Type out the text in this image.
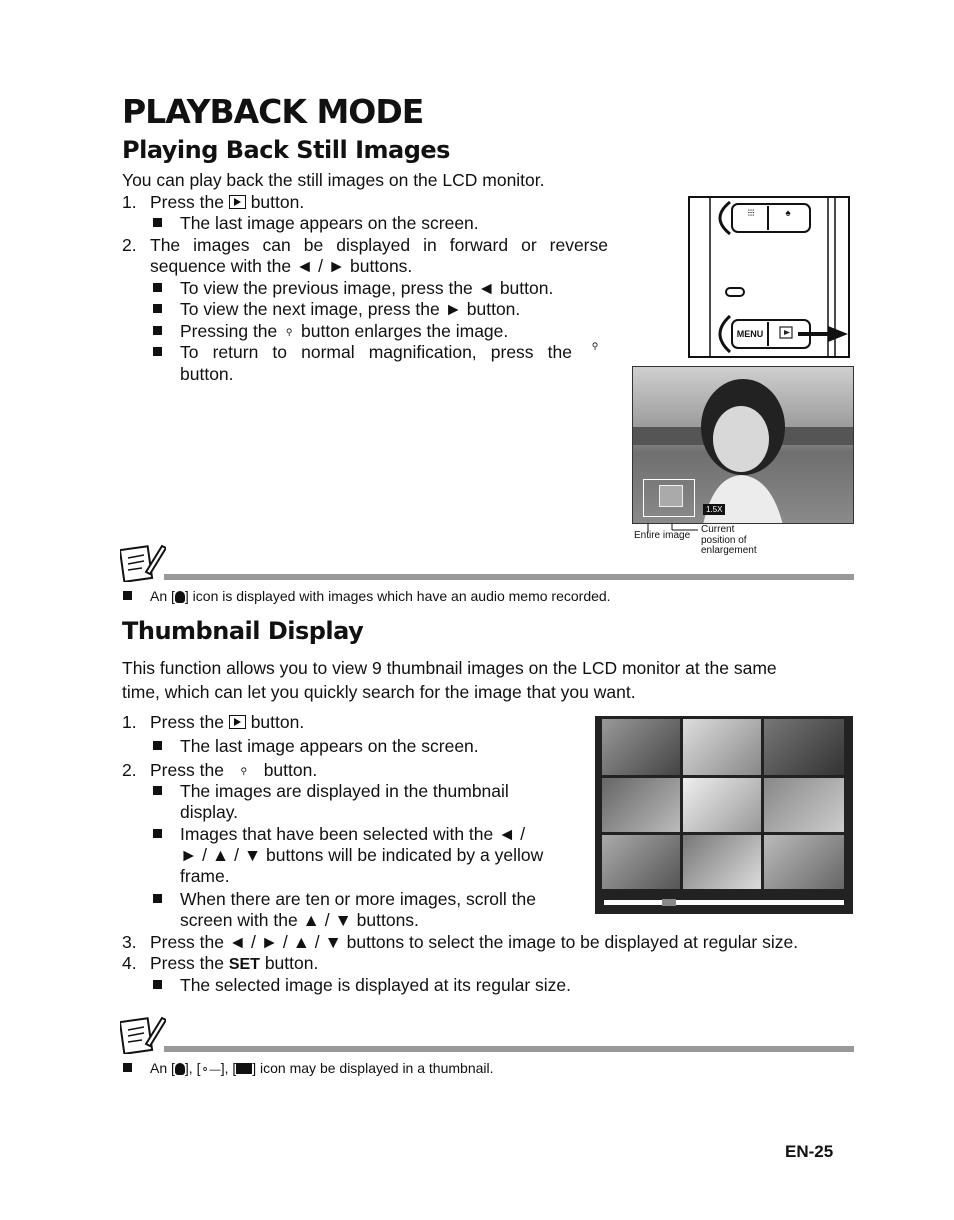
PLAYBACK MODE
Playing Back Still Images
You can play back the still images on the LCD monitor.
1. Press the button.
The last image appears on the screen.
2. The images can be displayed in forward or reverse
sequence with the ◄ / ► buttons.
To view the previous image, press the ◄ button.
To view the next image, press the ► button.
Pressing the ⚲ button enlarges the image.
To return to normal magnification, press the	⚲
button.
⫶⫶⫶	♠
MENU
1.5X
Entire image
Current
position of
enlargement
An [ ] icon is displayed with images which have an audio memo recorded.
Thumbnail Display
This function allows you to view 9 thumbnail images on the LCD monitor at the same
time, which can let you quickly search for the image that you want.
1. Press the button.
The last image appears on the screen.
2. Press the ⚲ button.
The images are displayed in the thumbnail
display.
Images that have been selected with the ◄ /
► / ▲ / ▼ buttons will be indicated by a yellow
frame.
When there are ten or more images, scroll the
screen with the ▲ / ▼ buttons.
3. Press the ◄ / ► / ▲ / ▼ buttons to select the image to be displayed at regular size.
4. Press the SET button.
The selected image is displayed at its regular size.
An [ ], [⚬—], [ ] icon may be displayed in a thumbnail.
EN-25
